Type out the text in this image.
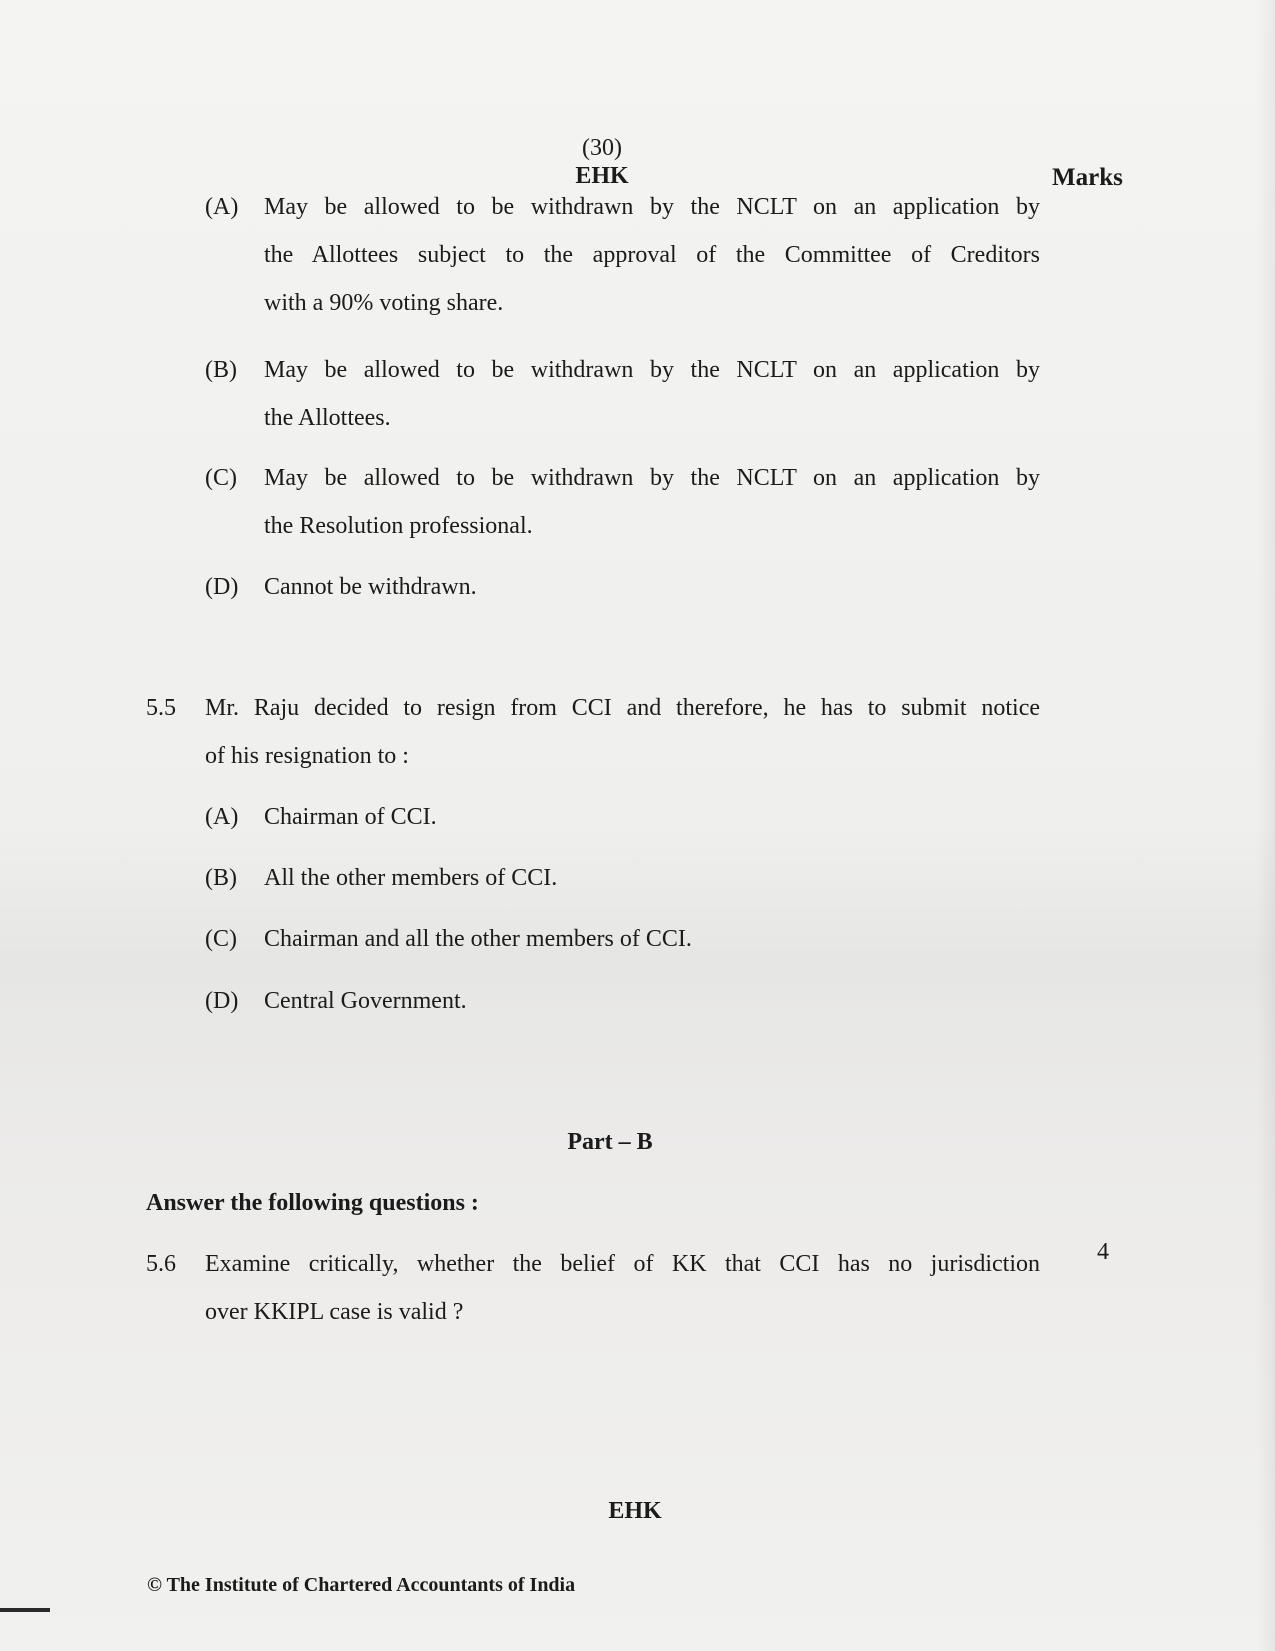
(30)
EHK	Marks
(A) May be allowed to be withdrawn by the NCLT on an application by
the Allottees subject to the approval of the Committee of Creditors
with a 90% voting share.
(B) May be allowed to be withdrawn by the NCLT on an application by
the Allottees.
(C) May be allowed to be withdrawn by the NCLT on an application by
the Resolution professional.
(D) Cannot be withdrawn.
5.5 Mr. Raju decided to resign from CCI and therefore, he has to submit notice
of his resignation to :
(A) Chairman of CCI.
(B) All the other members of CCI.
(C) Chairman and all the other members of CCI.
(D) Central Government.
Part – B
Answer the following questions :
5.6 Examine critically, whether the belief of KK that CCI has no jurisdiction
over KKIPL case is valid ?
4
EHK
© The Institute of Chartered Accountants of India
